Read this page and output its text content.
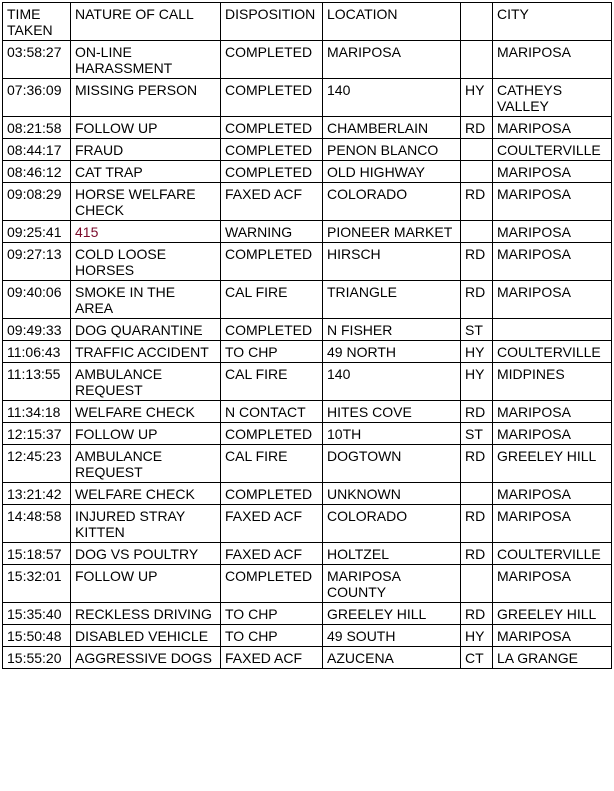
TIME
TAKEN	NATURE OF CALL	DISPOSITION	LOCATION		CITY
03:58:27	ON-LINE HARASSMENT	COMPLETED	MARIPOSA		MARIPOSA
07:36:09	MISSING PERSON	COMPLETED	140	HY	CATHEYS VALLEY
08:21:58	FOLLOW UP	COMPLETED	CHAMBERLAIN	RD	MARIPOSA
08:44:17	FRAUD	COMPLETED	PENON BLANCO		COULTERVILLE
08:46:12	CAT TRAP	COMPLETED	OLD HIGHWAY		MARIPOSA
09:08:29	HORSE WELFARE CHECK	FAXED ACF	COLORADO	RD	MARIPOSA
09:25:41	415	WARNING	PIONEER MARKET		MARIPOSA
09:27:13	COLD LOOSE HORSES	COMPLETED	HIRSCH	RD	MARIPOSA
09:40:06	SMOKE IN THE AREA	CAL FIRE	TRIANGLE	RD	MARIPOSA
09:49:33	DOG QUARANTINE	COMPLETED	N FISHER	ST	
11:06:43	TRAFFIC ACCIDENT	TO CHP	49 NORTH	HY	COULTERVILLE
11:13:55	AMBULANCE REQUEST	CAL FIRE	140	HY	MIDPINES
11:34:18	WELFARE CHECK	N CONTACT	HITES COVE	RD	MARIPOSA
12:15:37	FOLLOW UP	COMPLETED	10TH	ST	MARIPOSA
12:45:23	AMBULANCE REQUEST	CAL FIRE	DOGTOWN	RD	GREELEY HILL
13:21:42	WELFARE CHECK	COMPLETED	UNKNOWN		MARIPOSA
14:48:58	INJURED STRAY KITTEN	FAXED ACF	COLORADO	RD	MARIPOSA
15:18:57	DOG VS POULTRY	FAXED ACF	HOLTZEL	RD	COULTERVILLE
15:32:01	FOLLOW UP	COMPLETED	MARIPOSA COUNTY		MARIPOSA
15:35:40	RECKLESS DRIVING	TO CHP	GREELEY HILL	RD	GREELEY HILL
15:50:48	DISABLED VEHICLE	TO CHP	49 SOUTH	HY	MARIPOSA
15:55:20	AGGRESSIVE DOGS	FAXED ACF	AZUCENA	CT	LA GRANGE
